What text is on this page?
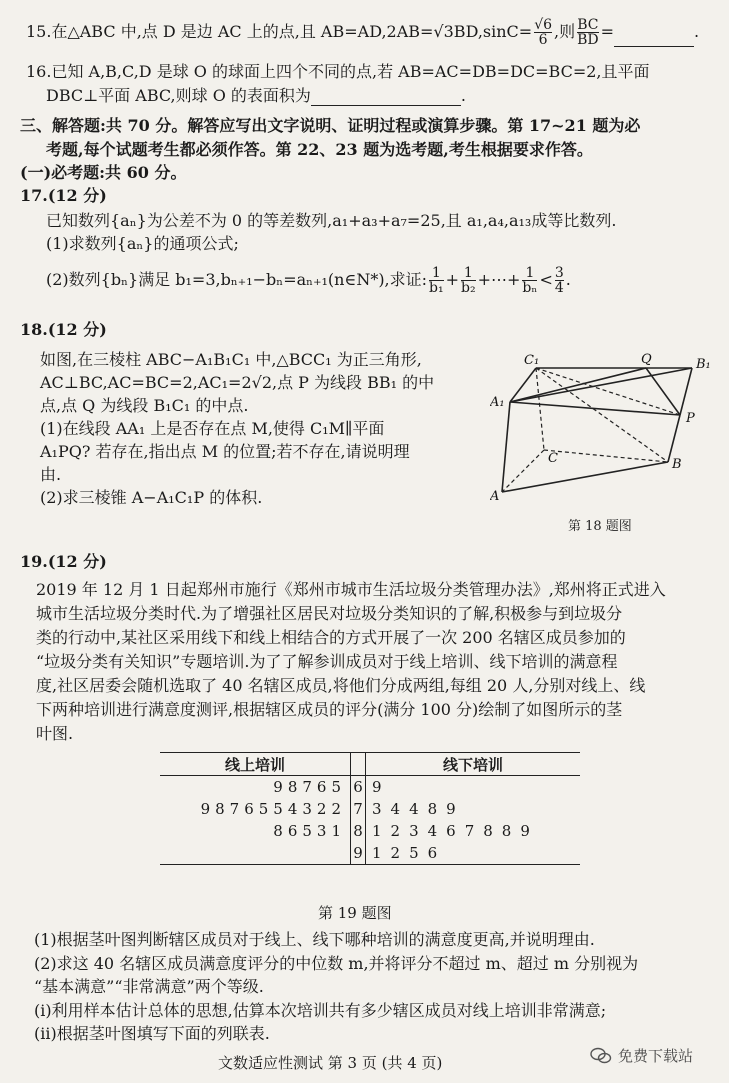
15.在△ABC 中,点 D 是边 AC 上的点,且 $AB=AD,2AB=√3BD,\sin C= \frac{√6}{6}$ ,则 $\frac{BC}{BD}$ =	.
16.已知 A,B,C,D 是球 O 的球面上四个不同的点,若 AB=AC=DB=DC=BC=2,且平面
DBC⊥平面 ABC,则球 O 的表面积为	.
三、解答题:共 70 分。解答应写出文字说明、证明过程或演算步骤。第 17~21 题为必
考题,每个试题考生都必须作答。第 22、23 题为选考题,考生根据要求作答。
(一)必考题:共 60 分。
17.(12 分)
已知数列{aₙ}为公差不为 0 的等差数列,a₁+a₃+a₇=25,且 a₁,a₄,a₁₃成等比数列.
(1)求数列{aₙ}的通项公式;
(2)数列{bₙ}满足 b₁=3,bₙ₊₁−bₙ=aₙ₊₁(n∈N*),求证: $\frac{1}{\text{b₁}} + \frac{1}{\text{b₂}}$ +⋯+ $\frac{1}{\text{bₙ}} < \frac{3}{4}$ .
18.(12 分)
如图,在三棱柱 ABC−A₁B₁C₁ 中,△BCC₁ 为正三角形,
AC⊥BC,AC=BC=2,AC₁=2√2,点 P 为线段 BB₁ 的中
点,点 Q 为线段 B₁C₁ 的中点.
(1)在线段 AA₁ 上是否存在点 M,使得 C₁M∥平面
A₁PQ? 若存在,指出点 M 的位置;若不存在,请说明理
由.
(2)求三棱锥 A−A₁C₁P 的体积.
C₁	Q	B₁
A₁
P
C	B
A
第 18 题图
19.(12 分)
2019 年 12 月 1 日起郑州市施行《郑州市城市生活垃圾分类管理办法》,郑州将正式进入
城市生活垃圾分类时代.为了增强社区居民对垃圾分类知识的了解,积极参与到垃圾分
类的行动中,某社区采用线下和线上相结合的方式开展了一次 200 名辖区成员参加的
“垃圾分类有关知识”专题培训.为了了解参训成员对于线上培训、线下培训的满意程
度,社区居委会随机选取了 40 名辖区成员,将他们分成两组,每组 20 人,分别对线上、线
下两种培训进行满意度测评,根据辖区成员的评分(满分 100 分)绘制了如图所示的茎
叶图.
线上培训		线下培训
98765	6	9
9876554322	7	34489
86531	8	123467889
	9	1256
第 19 题图
(1)根据茎叶图判断辖区成员对于线上、线下哪种培训的满意度更高,并说明理由.
(2)求这 40 名辖区成员满意度评分的中位数 m,并将评分不超过 m、超过 m 分别视为
“基本满意”“非常满意”两个等级.
(i)利用样本估计总体的思想,估算本次培训共有多少辖区成员对线上培训非常满意;
(ii)根据茎叶图填写下面的列联表.
文数适应性测试 第 3 页 (共 4 页)	免费下载站
